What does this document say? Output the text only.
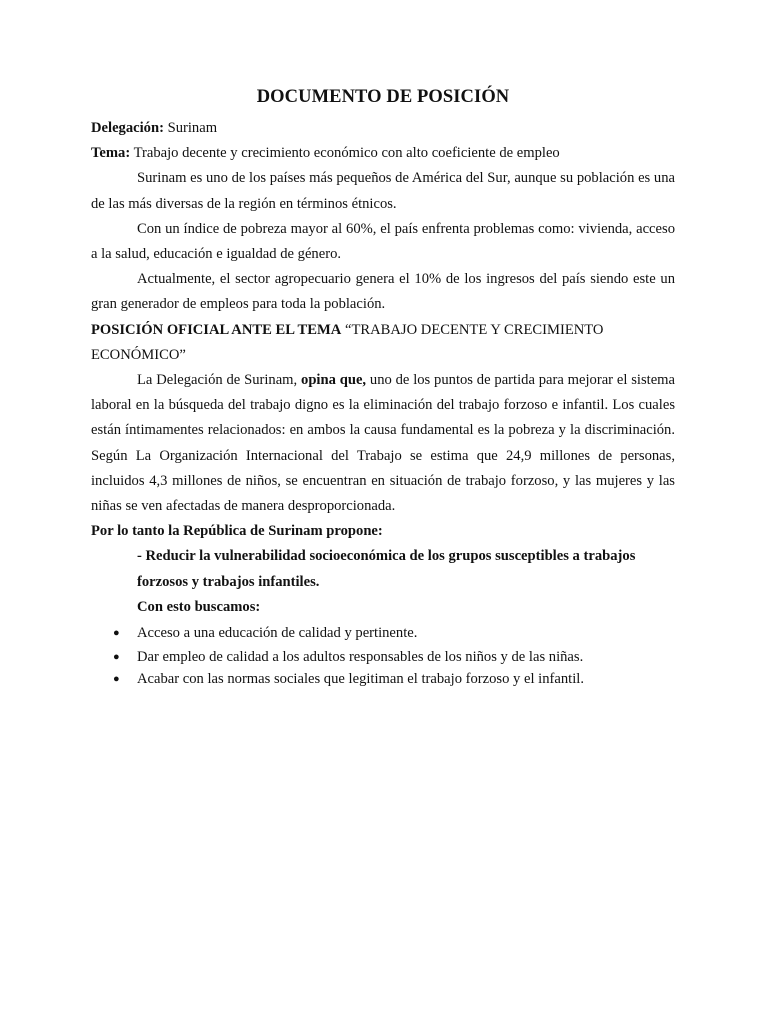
DOCUMENTO DE POSICIÓN

Delegación: Surinam

Tema: Trabajo decente y crecimiento económico con alto coeficiente de empleo

Surinam es uno de los países más pequeños de América del Sur, aunque su población es una de las más diversas de la región en términos étnicos.

Con un índice de pobreza mayor al 60%, el país enfrenta problemas como: vivienda, acceso a la salud, educación e igualdad de género.

Actualmente, el sector agropecuario genera el 10% de los ingresos del país siendo este un gran generador de empleos para toda la población.

POSICIÓN OFICIAL ANTE EL TEMA “TRABAJO DECENTE Y CRECIMIENTO ECONÓMICO”

La Delegación de Surinam, opina que, uno de los puntos de partida para mejorar el sistema laboral en la búsqueda del trabajo digno es la eliminación del trabajo forzoso e infantil. Los cuales están íntimamentes relacionados: en ambos la causa fundamental es la pobreza y la discriminación. Según La Organización Internacional del Trabajo se estima que 24,9 millones de personas, incluidos 4,3 millones de niños, se encuentran en situación de trabajo forzoso, y las mujeres y las niñas se ven afectadas de manera desproporcionada.

Por lo tanto la República de Surinam propone:

- Reducir la vulnerabilidad socioeconómica de los grupos susceptibles a trabajos forzosos y trabajos infantiles.

Con esto buscamos:

● Acceso a una educación de calidad y pertinente.
● Dar empleo de calidad a los adultos responsables de los niños y de las niñas.
● Acabar con las normas sociales que legitiman el trabajo forzoso y el infantil.
